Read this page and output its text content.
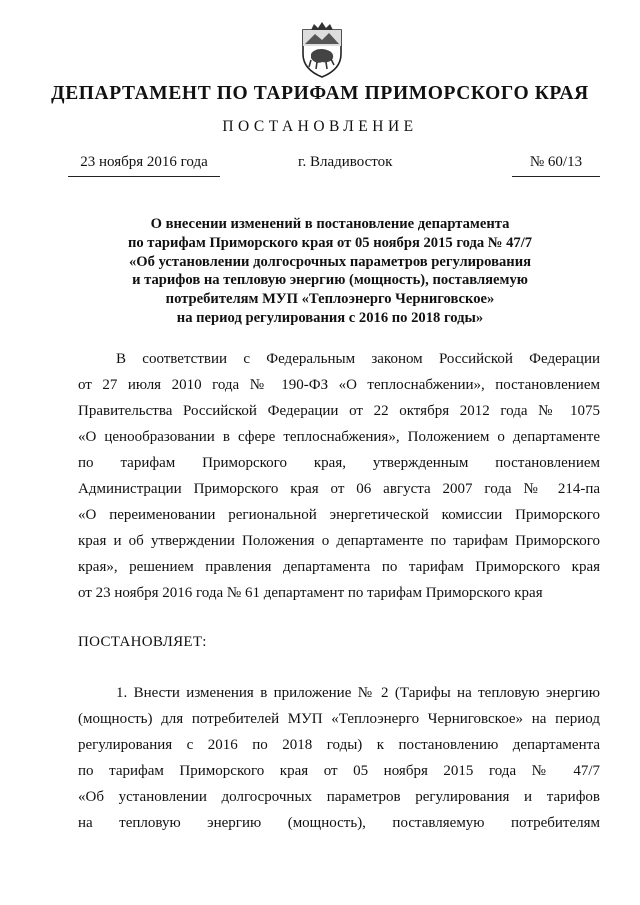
ДЕПАРТАМЕНТ ПО ТАРИФАМ ПРИМОРСКОГО КРАЯ
ПОСТАНОВЛЕНИЕ
23 ноября 2016 года	г. Владивосток	№ 60/13
О внесении изменений в постановление департамента
по тарифам Приморского края от 05 ноября 2015 года № 47/7
«Об установлении долгосрочных параметров регулирования
и тарифов на тепловую энергию (мощность), поставляемую
потребителям МУП «Теплоэнерго Черниговское»
на период регулирования с 2016 по 2018 годы»
В соответствии с Федеральным законом Российской Федерации
от 27 июля 2010 года № 190-ФЗ «О теплоснабжении», постановлением
Правительства Российской Федерации от 22 октября 2012 года № 1075
«О ценообразовании в сфере теплоснабжения», Положением о департаменте
по тарифам Приморского края, утвержденным постановлением
Администрации Приморского края от 06 августа 2007 года № 214-па
«О переименовании региональной энергетической комиссии Приморского
края и об утверждении Положения о департаменте по тарифам Приморского
края», решением правления департамента по тарифам Приморского края
от 23 ноября 2016 года № 61 департамент по тарифам Приморского края
ПОСТАНОВЛЯЕТ:
1. Внести изменения в приложение № 2 (Тарифы на тепловую энергию
(мощность) для потребителей МУП «Теплоэнерго Черниговское» на период
регулирования с 2016 по 2018 годы) к постановлению департамента
по тарифам Приморского края от 05 ноября 2015 года № 47/7
«Об установлении долгосрочных параметров регулирования и тарифов
на тепловую энергию (мощность), поставляемую потребителям
